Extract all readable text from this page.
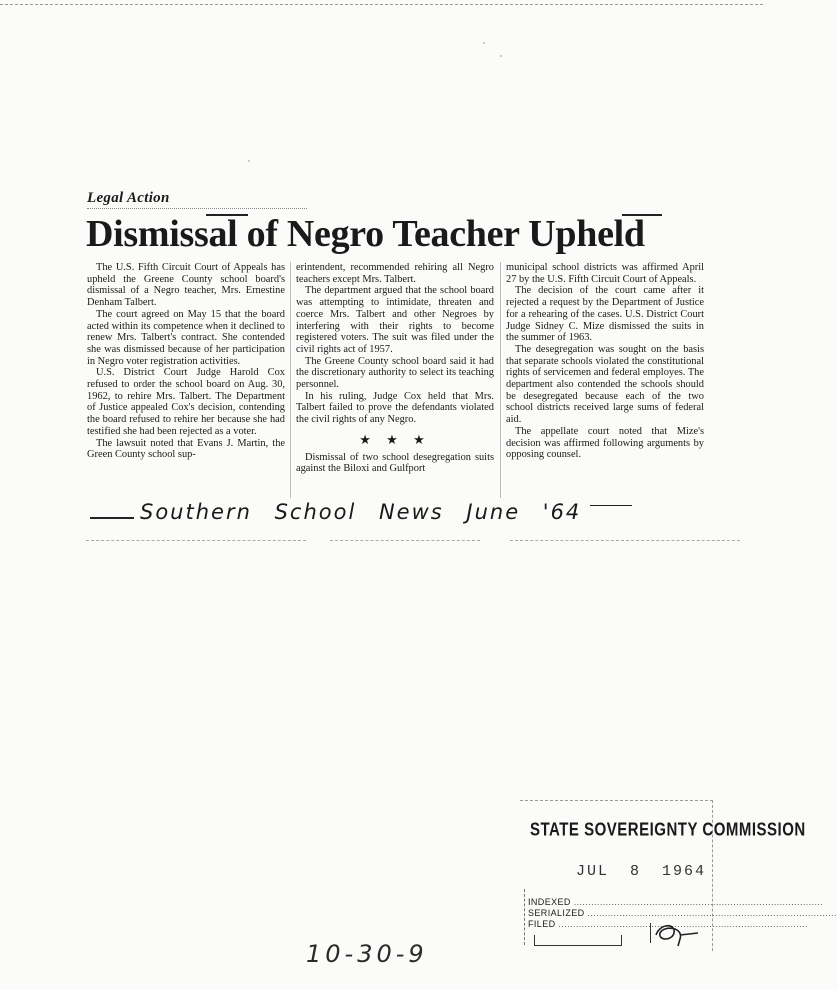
Legal Action
Dismissal of Negro Teacher Upheld

The U.S. Fifth Circuit Court of Appeals has upheld the Greene County school board's dismissal of a Negro teacher, Mrs. Ernestine Denham Talbert.

The court agreed on May 15 that the board acted within its competence when it declined to renew Mrs. Talbert's contract. She contended she was dismissed because of her participation in Negro voter registration activities.

U.S. District Court Judge Harold Cox refused to order the school board on Aug. 30, 1962, to rehire Mrs. Talbert. The Department of Justice appealed Cox's decision, contending the board refused to rehire her because she had testified she had been rejected as a voter.

The lawsuit noted that Evans J. Martin, the Green County school sup-

erintendent, recommended rehiring all Negro teachers except Mrs. Talbert.

The department argued that the school board was attempting to intimidate, threaten and coerce Mrs. Talbert and other Negroes by interfering with their rights to become registered voters. The suit was filed under the civil rights act of 1957.

The Greene County school board said it had the discretionary authority to select its teaching personnel.

In his ruling, Judge Cox held that Mrs. Talbert failed to prove the defendants violated the civil rights of any Negro.

★ ★ ★

Dismissal of two school desegregation suits against the Biloxi and Gulfport

municipal school districts was affirmed April 27 by the U.S. Fifth Circuit Court of Appeals.

The decision of the court came after it rejected a request by the Department of Justice for a rehearing of the cases. U.S. District Court Judge Sidney C. Mize dismissed the suits in the summer of 1963.

The desegregation was sought on the basis that separate schools violated the constitutional rights of servicemen and federal employes. The department also contended the schools should be desegregated because each of the two school districts received large sums of federal aid.

The appellate court noted that Mize's decision was affirmed following arguments by opposing counsel.

Southern School News June '64
STATE SOVEREIGNTY COMMISSION
JUL 8 1964
INDEXED .....
SERIALIZED .....
FILED .....
10-30-9
